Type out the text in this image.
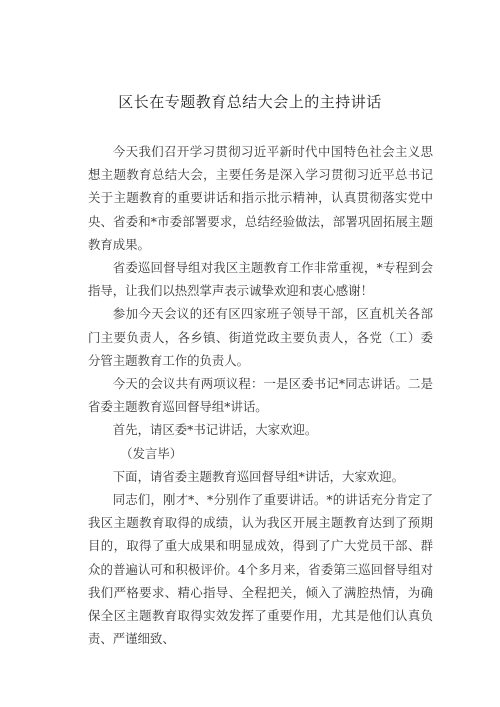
区长在专题教育总结大会上的主持讲话

今天我们召开学习贯彻习近平新时代中国特色社会主义思想主题教育总结大会，主要任务是深入学习贯彻习近平总书记关于主题教育的重要讲话和指示批示精神，认真贯彻落实党中央、省委和*市委部署要求，总结经验做法，部署巩固拓展主题教育成果。

省委巡回督导组对我区主题教育工作非常重视，*专程到会指导，让我们以热烈掌声表示诚挚欢迎和衷心感谢！

参加今天会议的还有区四家班子领导干部，区直机关各部门主要负责人，各乡镇、街道党政主要负责人，各党（工）委分管主题教育工作的负责人。

今天的会议共有两项议程：一是区委书记*同志讲话。二是省委主题教育巡回督导组*讲话。

首先，请区委*书记讲话，大家欢迎。

（发言毕）

下面，请省委主题教育巡回督导组*讲话，大家欢迎。

同志们，刚才*、*分别作了重要讲话。*的讲话充分肯定了我区主题教育取得的成绩，认为我区开展主题教育达到了预期目的，取得了重大成果和明显成效，得到了广大党员干部、群众的普遍认可和积极评价。4个多月来，省委第三巡回督导组对我们严格要求、精心指导、全程把关，倾入了满腔热情，为确保全区主题教育取得实效发挥了重要作用，尤其是他们认真负责、严谨细致、
